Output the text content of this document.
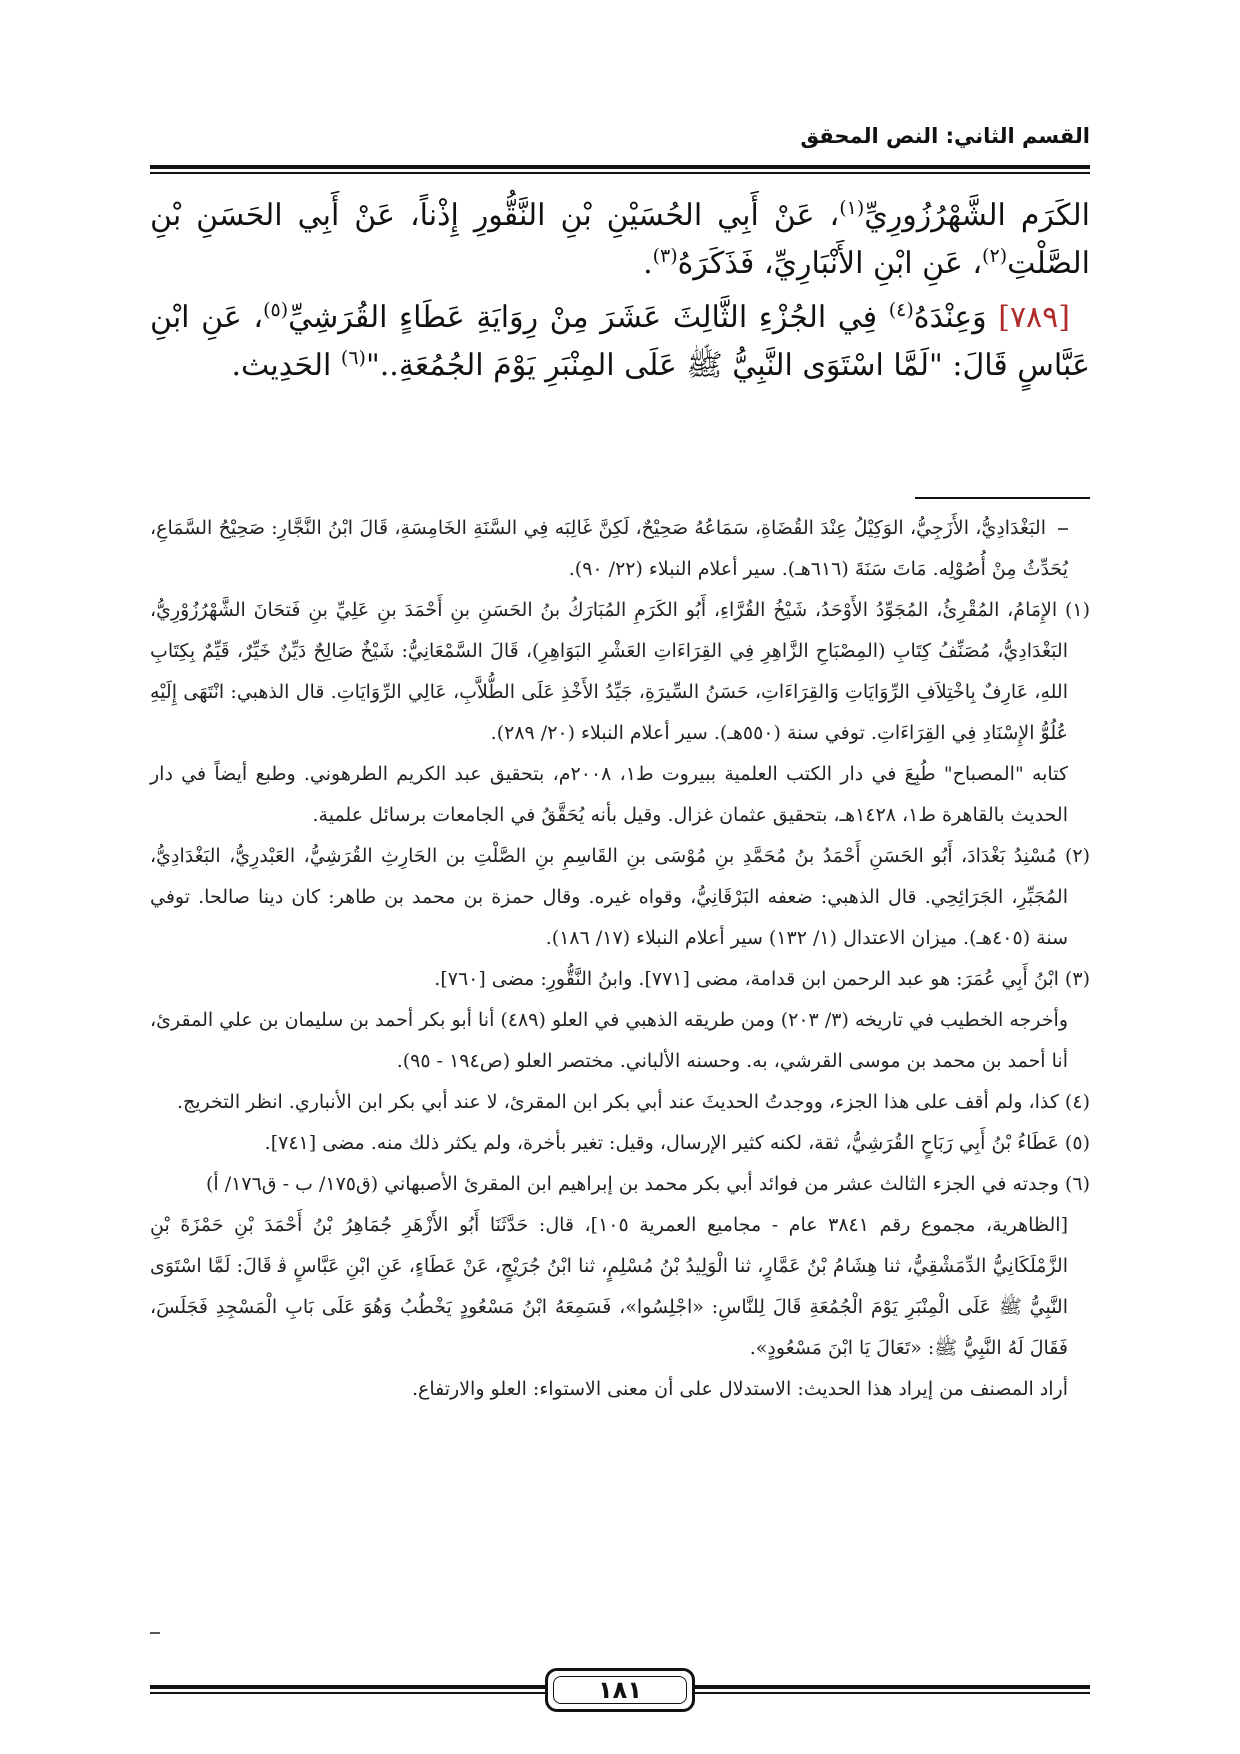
القسم الثاني: النص المحقق

الكَرَم الشَّهْرُزُورِيِّ$^{(١)}$، عَنْ أَبِي الحُسَيْنِ بْنِ النَّقُّورِ إِذْناً، عَنْ أَبِي الحَسَنِ بْنِ الصَّلْتِ$^{(٢)}$، عَنِ ابْنِ الأَنْبَارِيِّ، فَذَكَرَهُ$^{(٣)}$.

[٧٨٩] وَعِنْدَهُ$^{(٤)}$ فِي الجُزْءِ الثَّالِثَ عَشَرَ مِنْ رِوَايَةِ عَطَاءٍ القُرَشِيِّ$^{(٥)}$، عَنِ ابْنِ عَبَّاسٍ قَالَ: "لَمَّا اسْتَوَى النَّبِيُّ ﷺ عَلَى المِنْبَرِ يَوْمَ الجُمُعَةِ.."$^{(٦)}$ الحَدِيث.

البَغْدَادِيُّ، الأَزَجِيُّ، الوَكِيْلُ عِنْدَ القُضَاةِ، سَمَاعُهُ صَحِيْحٌ، لَكِنَّ غَالِبَه فِي السَّنَةِ الخَامِسَةِ، قَالَ ابْنُ النَّجَّارِ: صَحِيْحُ السَّمَاعِ، يُحَدِّثُ مِنْ أُصُوْلِه. مَاتَ سَنَةَ (٦١٦هـ). سير أعلام النبلاء (٢٢/ ٩٠).

(١) الإِمَامُ، المُقْرِئُ، المُجَوِّدُ الأَوْحَدُ، شَيْخُ القُرَّاءِ، أَبُو الكَرَمِ المُبَارَكُ بنُ الحَسَنِ بنِ أَحْمَدَ بنِ عَلِيِّ بنِ فَتحَانَ الشَّهْرُزُوْرِيُّ، البَغْدَادِيُّ، مُصَنِّفُ كِتَابِ (المِصْبَاحِ الزَّاهِرِ فِي القِرَاءَاتِ العَشْرِ البَوَاهِرِ)، قَالَ السَّمْعَانِيُّ: شَيْخٌ صَالِحٌ دَيِّنٌ خَيِّرٌ، قَيِّمٌ بِكِتَابِ اللهِ، عَارِفٌ بِاخْتِلاَفِ الرِّوَايَاتِ وَالقِرَاءَاتِ، حَسَنُ السِّيرَةِ، جَيِّدُ الأَخْذِ عَلَى الطُّلاَّبِ، عَالِي الرِّوَايَاتِ. قال الذهبي: انْتَهَى إِلَيْهِ عُلُوُّ الإِسْنَادِ فِي القِرَاءَاتِ. توفي سنة (٥٥٠هـ). سير أعلام النبلاء (٢٠/ ٢٨٩).

كتابه "المصباح" طُبِعَ في دار الكتب العلمية ببيروت ط١، ٢٠٠٨م، بتحقيق عبد الكريم الطرهوني. وطبع أيضاً في دار الحديث بالقاهرة ط١، ١٤٢٨هـ، بتحقيق عثمان غزال. وقيل بأنه يُحَقَّقُ في الجامعات برسائل علمية.

(٢) مُسْنِدُ بَغْدَادَ، أَبُو الحَسَنِ أَحْمَدُ بنُ مُحَمَّدِ بنِ مُوْسَى بنِ القَاسِمِ بنِ الصَّلْتِ بن الحَارِثِ القُرَشِيُّ، العَبْدرِيُّ، البَغْدَادِيُّ، المُجَبِّرِ، الجَرَائِحِي. قال الذهبي: ضعفه البَرْقَانِيُّ، وقواه غيره. وقال حمزة بن محمد بن طاهر: كان دينا صالحا. توفي سنة (٤٠٥هـ). ميزان الاعتدال (١/ ١٣٢) سير أعلام النبلاء (١٧/ ١٨٦).

(٣) ابْنُ أَبِي عُمَرَ: هو عبد الرحمن ابن قدامة، مضى [٧٧١]. وابنُ النَّقُّورِ: مضى [٧٦٠].

وأخرجه الخطيب في تاريخه (٣/ ٢٠٣) ومن طريقه الذهبي في العلو (٤٨٩) أنا أبو بكر أحمد بن سليمان بن علي المقرئ، أنا أحمد بن محمد بن موسى القرشي، به. وحسنه الألباني. مختصر العلو (ص١٩٤ - ٩٥).

(٤) كذا، ولم أقف على هذا الجزء، ووجدتُ الحديثَ عند أبي بكر ابن المقرئ، لا عند أبي بكر ابن الأنباري. انظر التخريج.

(٥) عَطَاءُ بْنُ أَبِي رَبَاحٍ القُرَشِيُّ، ثقة، لكنه كثير الإرسال، وقيل: تغير بأخرة، ولم يكثر ذلك منه. مضى [٧٤١].

(٦) وجدته في الجزء الثالث عشر من فوائد أبي بكر محمد بن إبراهيم ابن المقرئ الأصبهاني (ق١٧٥/ ب - ق١٧٦/ أ)

[الظاهرية، مجموع رقم ٣٨٤١ عام - مجاميع العمرية ١٠٥]، قال: حَدَّثَنَا أَبُو الأَزْهَرِ جُمَاهِرُ بْنُ أَحْمَدَ بْنِ حَمْزَةَ بْنِ الزَّمْلَكَانِيُّ الدِّمَشْقِيُّ، ثنا هِشَامُ بْنُ عَمَّارٍ، ثنا الْوَلِيدُ بْنُ مُسْلِمٍ، ثنا ابْنُ جُرَيْجٍ، عَنْ عَطَاءٍ، عَنِ ابْنِ عَبَّاسٍ ﭬ قَالَ: لَمَّا اسْتَوَى النَّبِيُّ ﷺ عَلَى الْمِنْبَرِ يَوْمَ الْجُمُعَةِ قَالَ لِلنَّاسِ: «اجْلِسُوا»، فَسَمِعَهُ ابْنُ مَسْعُودٍ يَخْطُبُ وَهُوَ عَلَى بَابِ الْمَسْجِدِ فَجَلَسَ، فَقَالَ لَهُ النَّبِيُّ ﷺ: «تَعَالَ يَا ابْنَ مَسْعُودٍ».

أراد المصنف من إيراد هذا الحديث: الاستدلال على أن معنى الاستواء: العلو والارتفاع.

١٨١
